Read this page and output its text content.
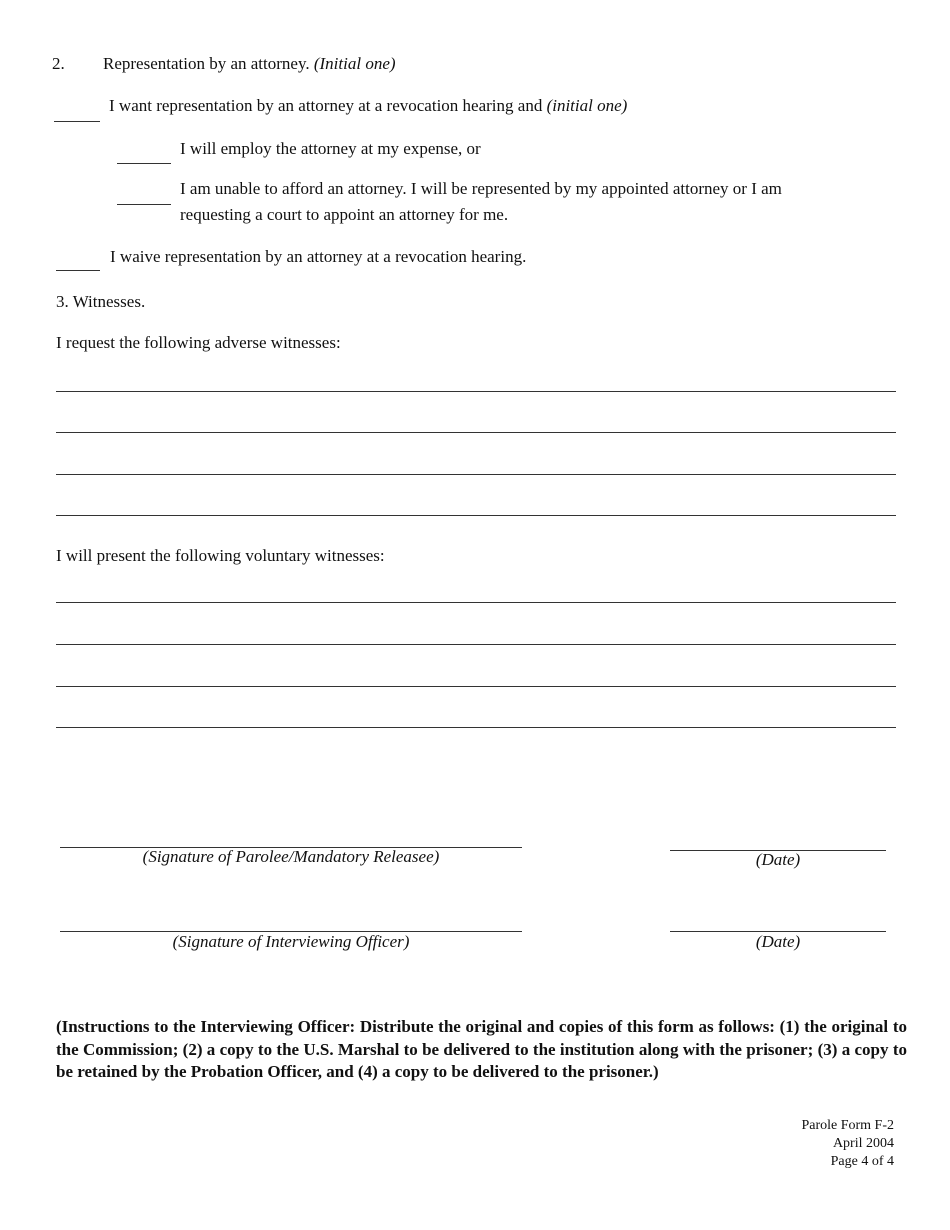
2. Representation by an attorney. (Initial one)
I want representation by an attorney at a revocation hearing and (initial one)
I will employ the attorney at my expense, or
I am unable to afford an attorney. I will be represented by my appointed attorney or I am
requesting a court to appoint an attorney for me.
I waive representation by an attorney at a revocation hearing.
3. Witnesses.
I request the following adverse witnesses:
I will present the following voluntary witnesses:
(Signature of Parolee/Mandatory Releasee)	(Date)
(Signature of Interviewing Officer)	(Date)
(Instructions to the Interviewing Officer: Distribute the original and copies of this form as follows: (1) the original to the Commission; (2) a copy to the U.S. Marshal to be delivered to the institution along with the prisoner; (3) a copy to be retained by the Probation Officer, and (4) a copy to be delivered to the prisoner.)
Parole Form F-2
April 2004
Page 4 of 4
